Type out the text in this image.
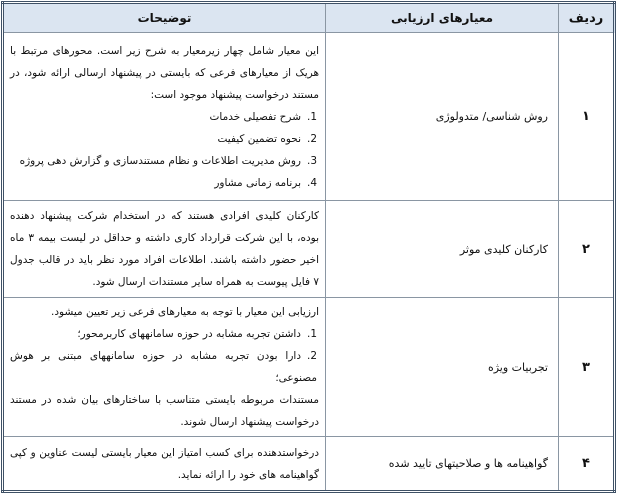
ردیف	معیارهای ارزیابی	توضیحات
۱	روش شناسی/ متدولوژی	این معیار شامل چهار زیرمعیار به شرح زیر است. محورهای مرتبط با هریک از معیارهای فرعی که بایستی در پیشنهاد ارسالی ارائه شود، در مستند درخواست پیشنهاد موجود است:
1.شرح تفصیلی خدمات
2.نحوه تضمین کیفیت
3.روش مدیریت اطلاعات و نظام مستندسازی و گزارش دهی پروژه
4.برنامه زمانی مشاور

۲	کارکنان کلیدی موثر	کارکنان کلیدی افرادی هستند که در استخدام شرکت پیشنهاد دهنده بوده، با این شرکت قرارداد کاری داشته و حداقل در لیست بیمه ۳ ماه اخیر حضور داشته باشند. اطلاعات افراد مورد نظر باید در قالب جدول ۷ فایل پیوست به همراه سایر مستندات ارسال شود.
۳	تجربیات ویژه	ارزیابی این معیار با توجه به معیارهای فرعی زیر تعیین میشود.
1.داشتن تجربه مشابه در حوزه سامانههای کاربرمحور؛
2.دارا بودن تجربه مشابه در حوزه سامانههای مبتنی بر هوش مصنوعی؛
مستندات مربوطه بایستی متناسب با ساختارهای بیان شده در مستند درخواست پیشنهاد ارسال شوند.
۴	گواهینامه ها و صلاحیتهای تایید شده	درخواستدهنده برای کسب امتیاز این معیار بایستی لیست عناوین و کپی گواهینامه های خود را ارائه نماید.
